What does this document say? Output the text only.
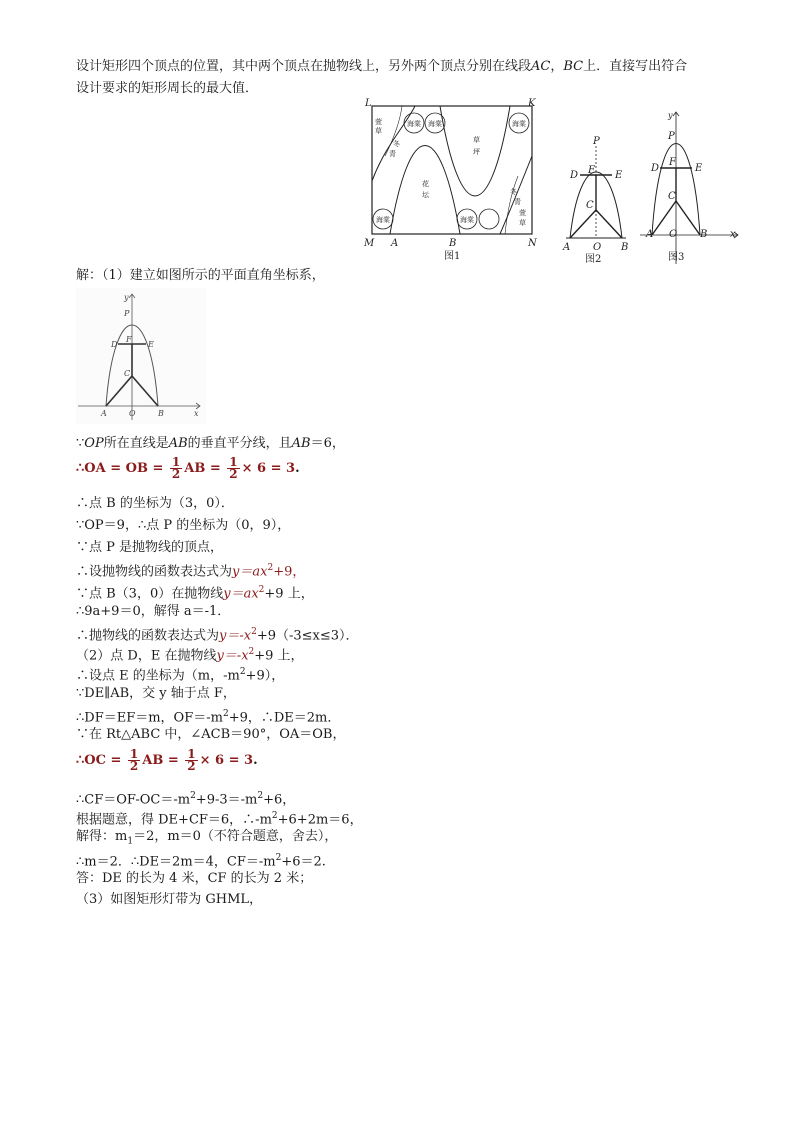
设计矩形四个顶点的位置，其中两个顶点在抛物线上，另外两个顶点分别在线段AC，BC上．直接写出符合
设计要求的矩形周长的最大值．
萱
草
海棠
冬
青
草
坪
花
坛
海棠	海棠
海棠	海棠
冬
青
萱
草
L	K
M A	B	N
图1
P
D F E
C
A O B
图2
y
P
D
F
E
C
A O B x
图3
解：（1）建立如图所示的平面直角坐标系，
y
P
D
F
E
C
A	O	B	x
∵OP所在直线是AB的垂直平分线，且AB＝6，
∴OA = OB = $\frac{1}{2}$ AB = $\frac{1}{2} \times 6 = 3$.
∴点 B 的坐标为（3，0）．
∵OP＝9，∴点 P 的坐标为（0，9），
∵点 P 是抛物线的顶点，
∴设抛物线的函数表达式为$y=ax^2+9$，
∵点 B（3，0）在抛物线$y=ax^2+9$ 上，
∴9a+9＝0，解得 a＝-1．
∴抛物线的函数表达式为$y=-x^2+9(-3\le x\le 3)$．
（2）点 D，E 在抛物线$y=-x^2+9$ 上，
∴设点 E 的坐标为（m，$-m^2+9$），
∵DE∥AB，交 y 轴于点 F，
∴DF＝EF＝m，$OF=-m^2+9$，∴DE＝2m．
∵在 Rt△ABC 中，∠ACB＝90°，OA＝OB，
∴OC = $\frac{1}{2}$ AB = $\frac{1}{2} \times 6 = 3$.
$\therefore CF=OF-OC=-m^2+9-3=-m^2+6$，
根据题意，得 DE+CF＝6，$\therefore-m^2+6+2m=6$，
解得：$m_1=2$，m＝0（不符合题意，舍去），
∴m＝2．∴DE＝2m＝4，$CF=-m^2+6=2$.
答：DE 的长为 4 米，CF 的长为 2 米；
（3）如图矩形灯带为 GHML，
